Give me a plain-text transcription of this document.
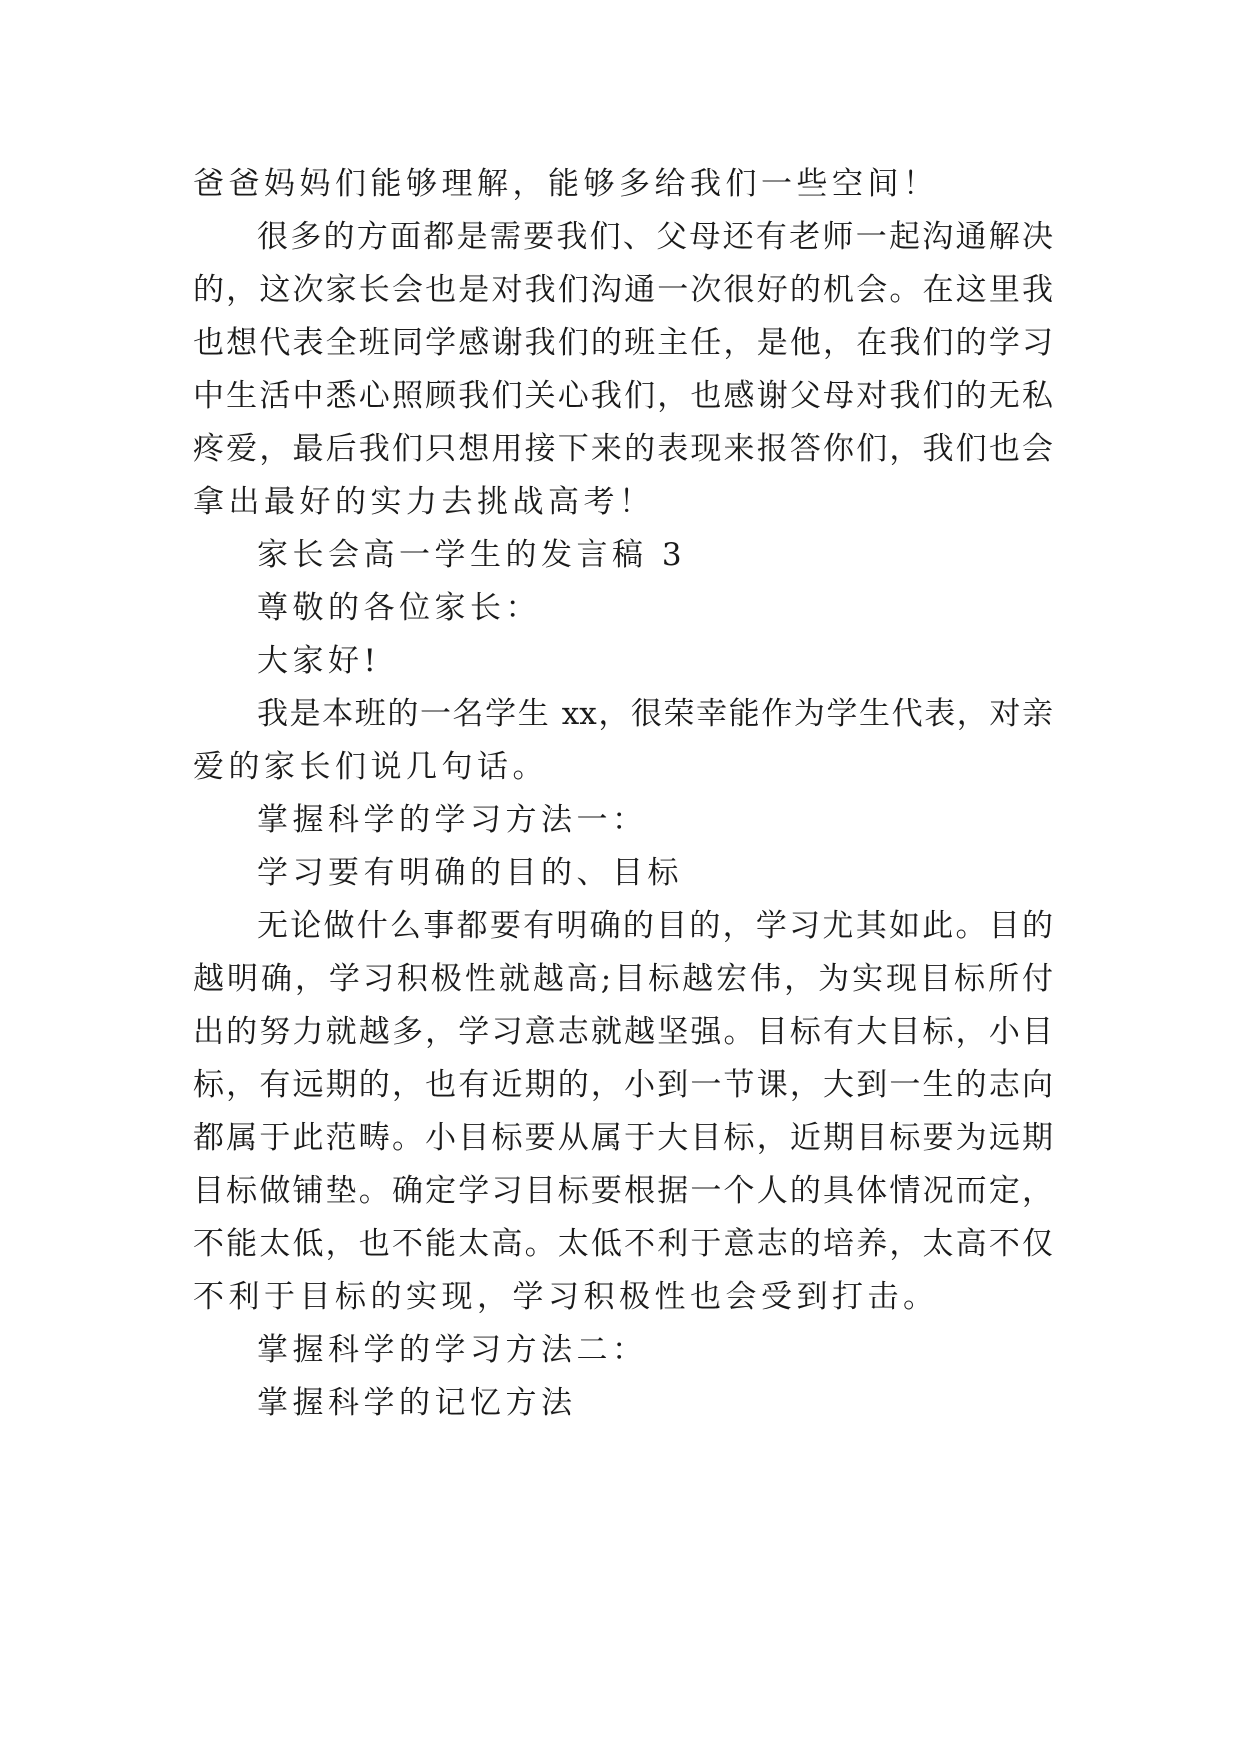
爸爸妈妈们能够理解，能够多给我们一些空间！
很多的方面都是需要我们、父母还有老师一起沟通解决
的，这次家长会也是对我们沟通一次很好的机会。在这里我
也想代表全班同学感谢我们的班主任，是他，在我们的学习
中生活中悉心照顾我们关心我们，也感谢父母对我们的无私
疼爱，最后我们只想用接下来的表现来报答你们，我们也会
拿出最好的实力去挑战高考！
家长会高一学生的发言稿 3
尊敬的各位家长：
大家好!
我是本班的一名学生 xx，很荣幸能作为学生代表，对亲
爱的家长们说几句话。
掌握科学的学习方法一：
学习要有明确的目的、目标
无论做什么事都要有明确的目的，学习尤其如此。目的
越明确，学习积极性就越高;目标越宏伟，为实现目标所付
出的努力就越多，学习意志就越坚强。目标有大目标，小目
标，有远期的，也有近期的，小到一节课，大到一生的志向
都属于此范畴。小目标要从属于大目标，近期目标要为远期
目标做铺垫。确定学习目标要根据一个人的具体情况而定，
不能太低，也不能太高。太低不利于意志的培养，太高不仅
不利于目标的实现，学习积极性也会受到打击。
掌握科学的学习方法二：
掌握科学的记忆方法
